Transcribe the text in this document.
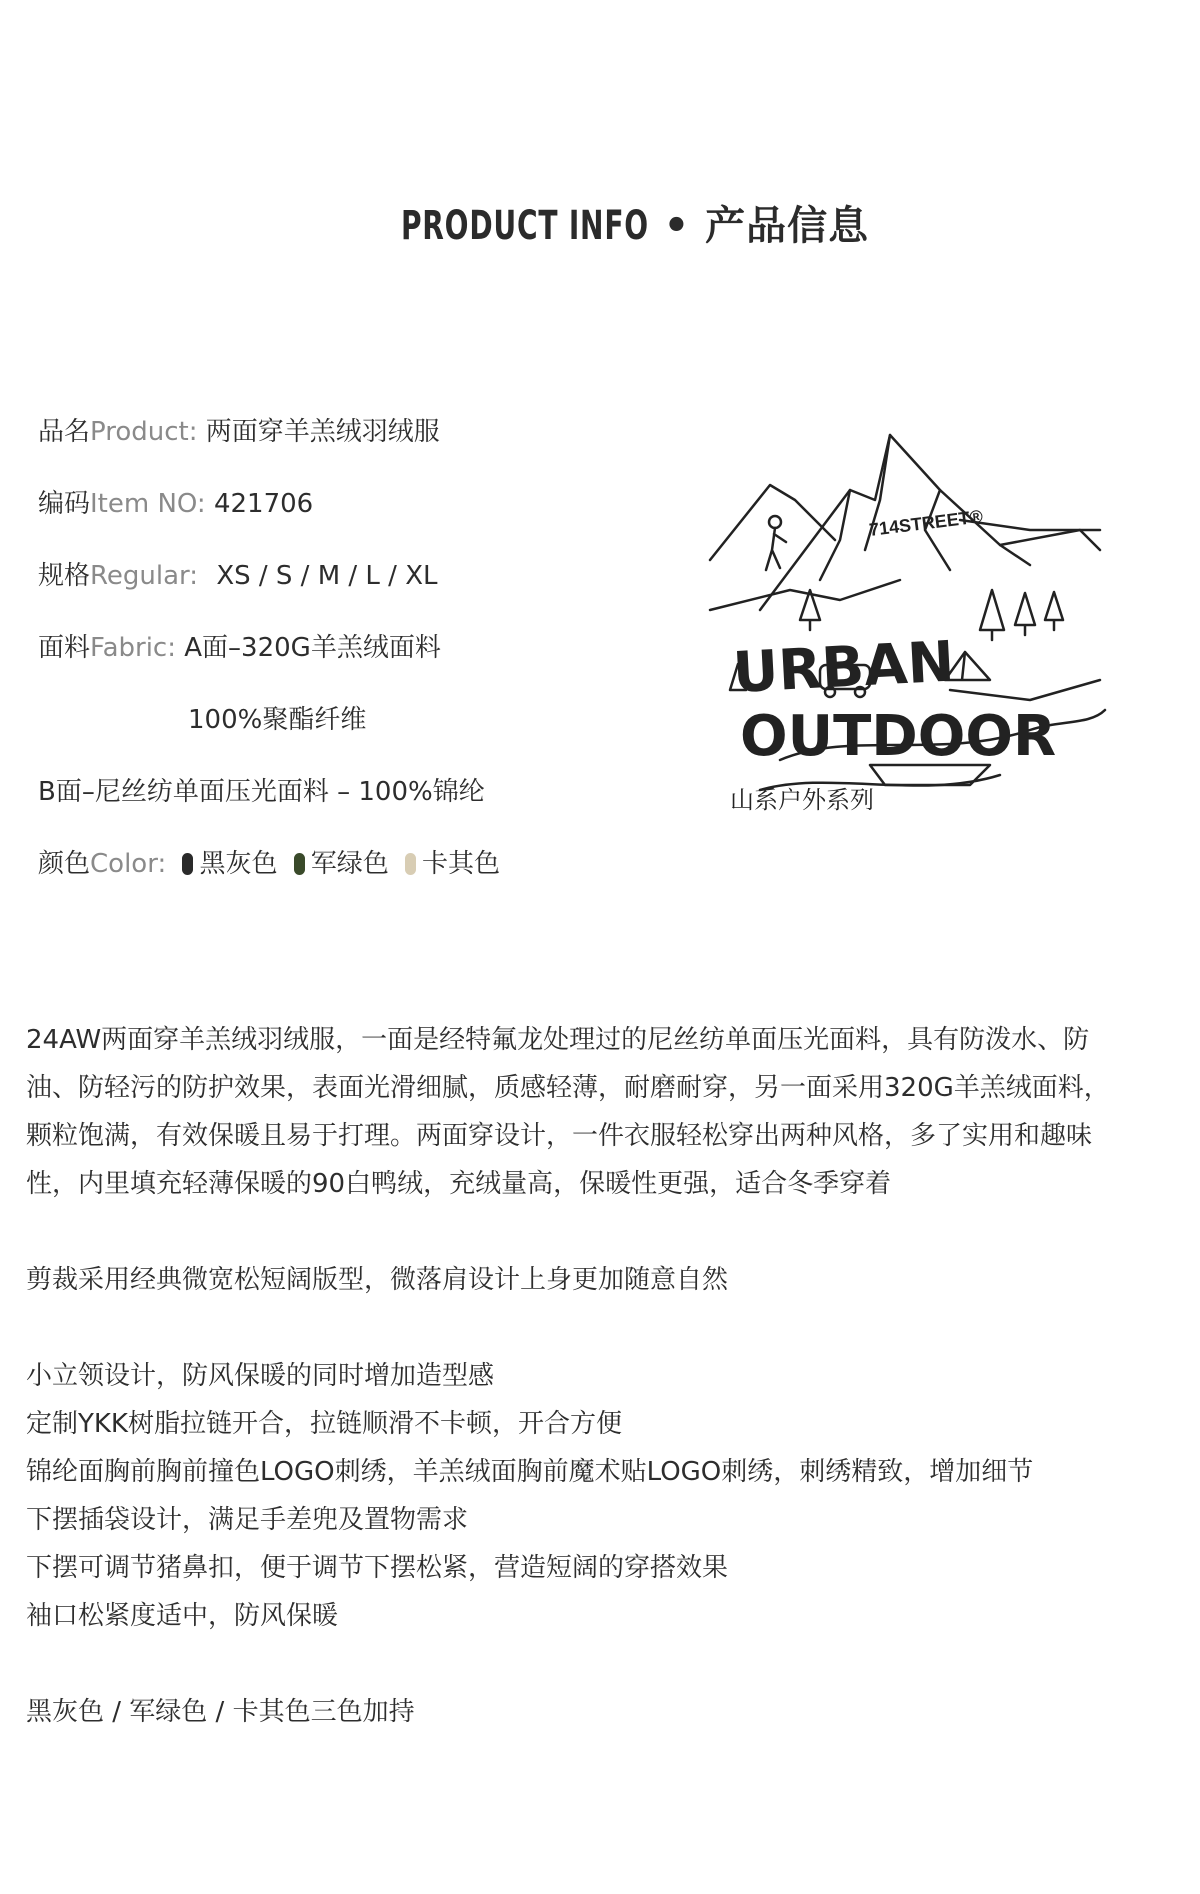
PRODUCT INFO • 产品信息
品名Product: 两面穿羊羔绒羽绒服
编码Item NO: 421706
规格Regular: XS / S / M / L / XL
面料Fabric: A面–320G羊羔绒面料
100%聚酯纤维
B面–尼丝纺单面压光面料 – 100%锦纶
颜色Color: 黑灰色 军绿色 卡其色
714STREET®
URBAN
OUTDOOR
山系户外系列

24AW两面穿羊羔绒羽绒服，一面是经特氟龙处理过的尼丝纺单面压光面料，具有防泼水、防

油、防轻污的防护效果，表面光滑细腻，质感轻薄，耐磨耐穿，另一面采用320G羊羔绒面料，

颗粒饱满，有效保暖且易于打理。两面穿设计，一件衣服轻松穿出两种风格，多了实用和趣味

性，内里填充轻薄保暖的90白鸭绒，充绒量高，保暖性更强，适合冬季穿着

剪裁采用经典微宽松短阔版型，微落肩设计上身更加随意自然

小立领设计，防风保暖的同时增加造型感

定制YKK树脂拉链开合，拉链顺滑不卡顿，开合方便

锦纶面胸前胸前撞色LOGO刺绣，羊羔绒面胸前魔术贴LOGO刺绣，刺绣精致，增加细节

下摆插袋设计，满足手差兜及置物需求

下摆可调节猪鼻扣，便于调节下摆松紧，营造短阔的穿搭效果

袖口松紧度适中，防风保暖

黑灰色 / 军绿色 / 卡其色三色加持
